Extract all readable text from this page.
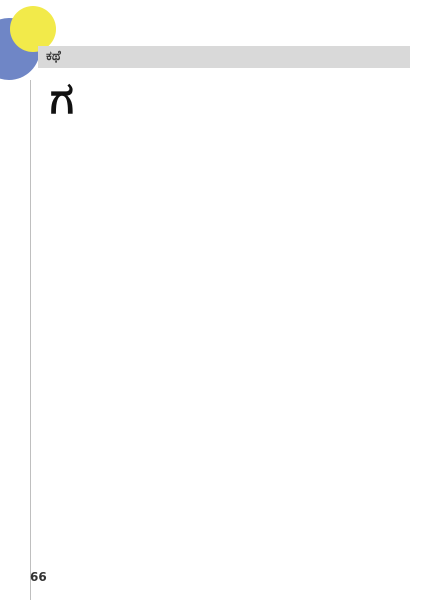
ಕಥೆ
ಗ

66
